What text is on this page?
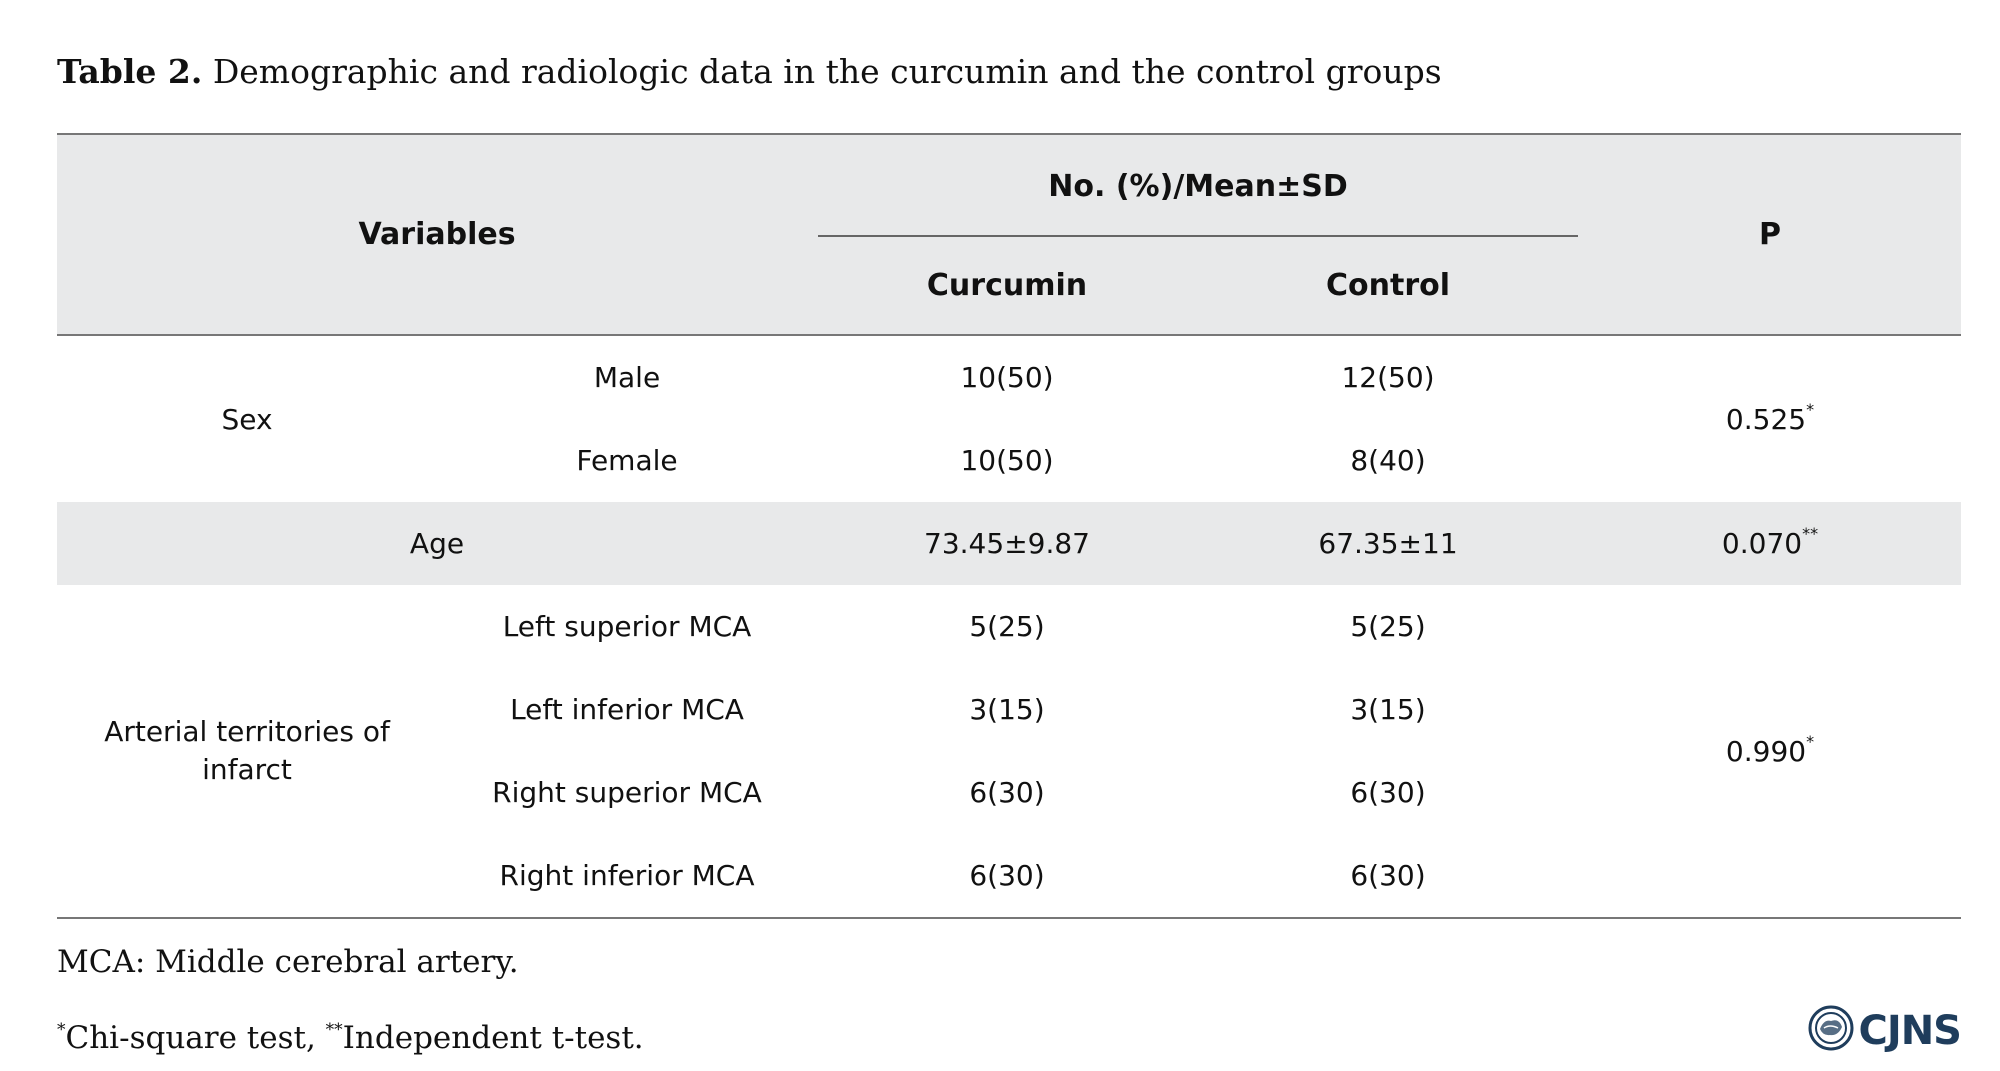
Table 2. Demographic and radiologic data in the curcumin and the control groups
Variables		No. (%)/Mean±SD		P
		Curcumin	Control	
Sex	Male	10(50)	12(50)	0.525*
	Female	10(50)	8(40)	
Age		73.45±9.87	67.35±11	0.070**
Arterial territories of infarct	Left superior MCA	5(25)	5(25)	0.990*
	Left inferior MCA	3(15)	3(15)	
	Right superior MCA	6(30)	6(30)	
	Right inferior MCA	6(30)	6(30)	
MCA: Middle cerebral artery.
*Chi-square test, **Independent t-test.	CJNS
